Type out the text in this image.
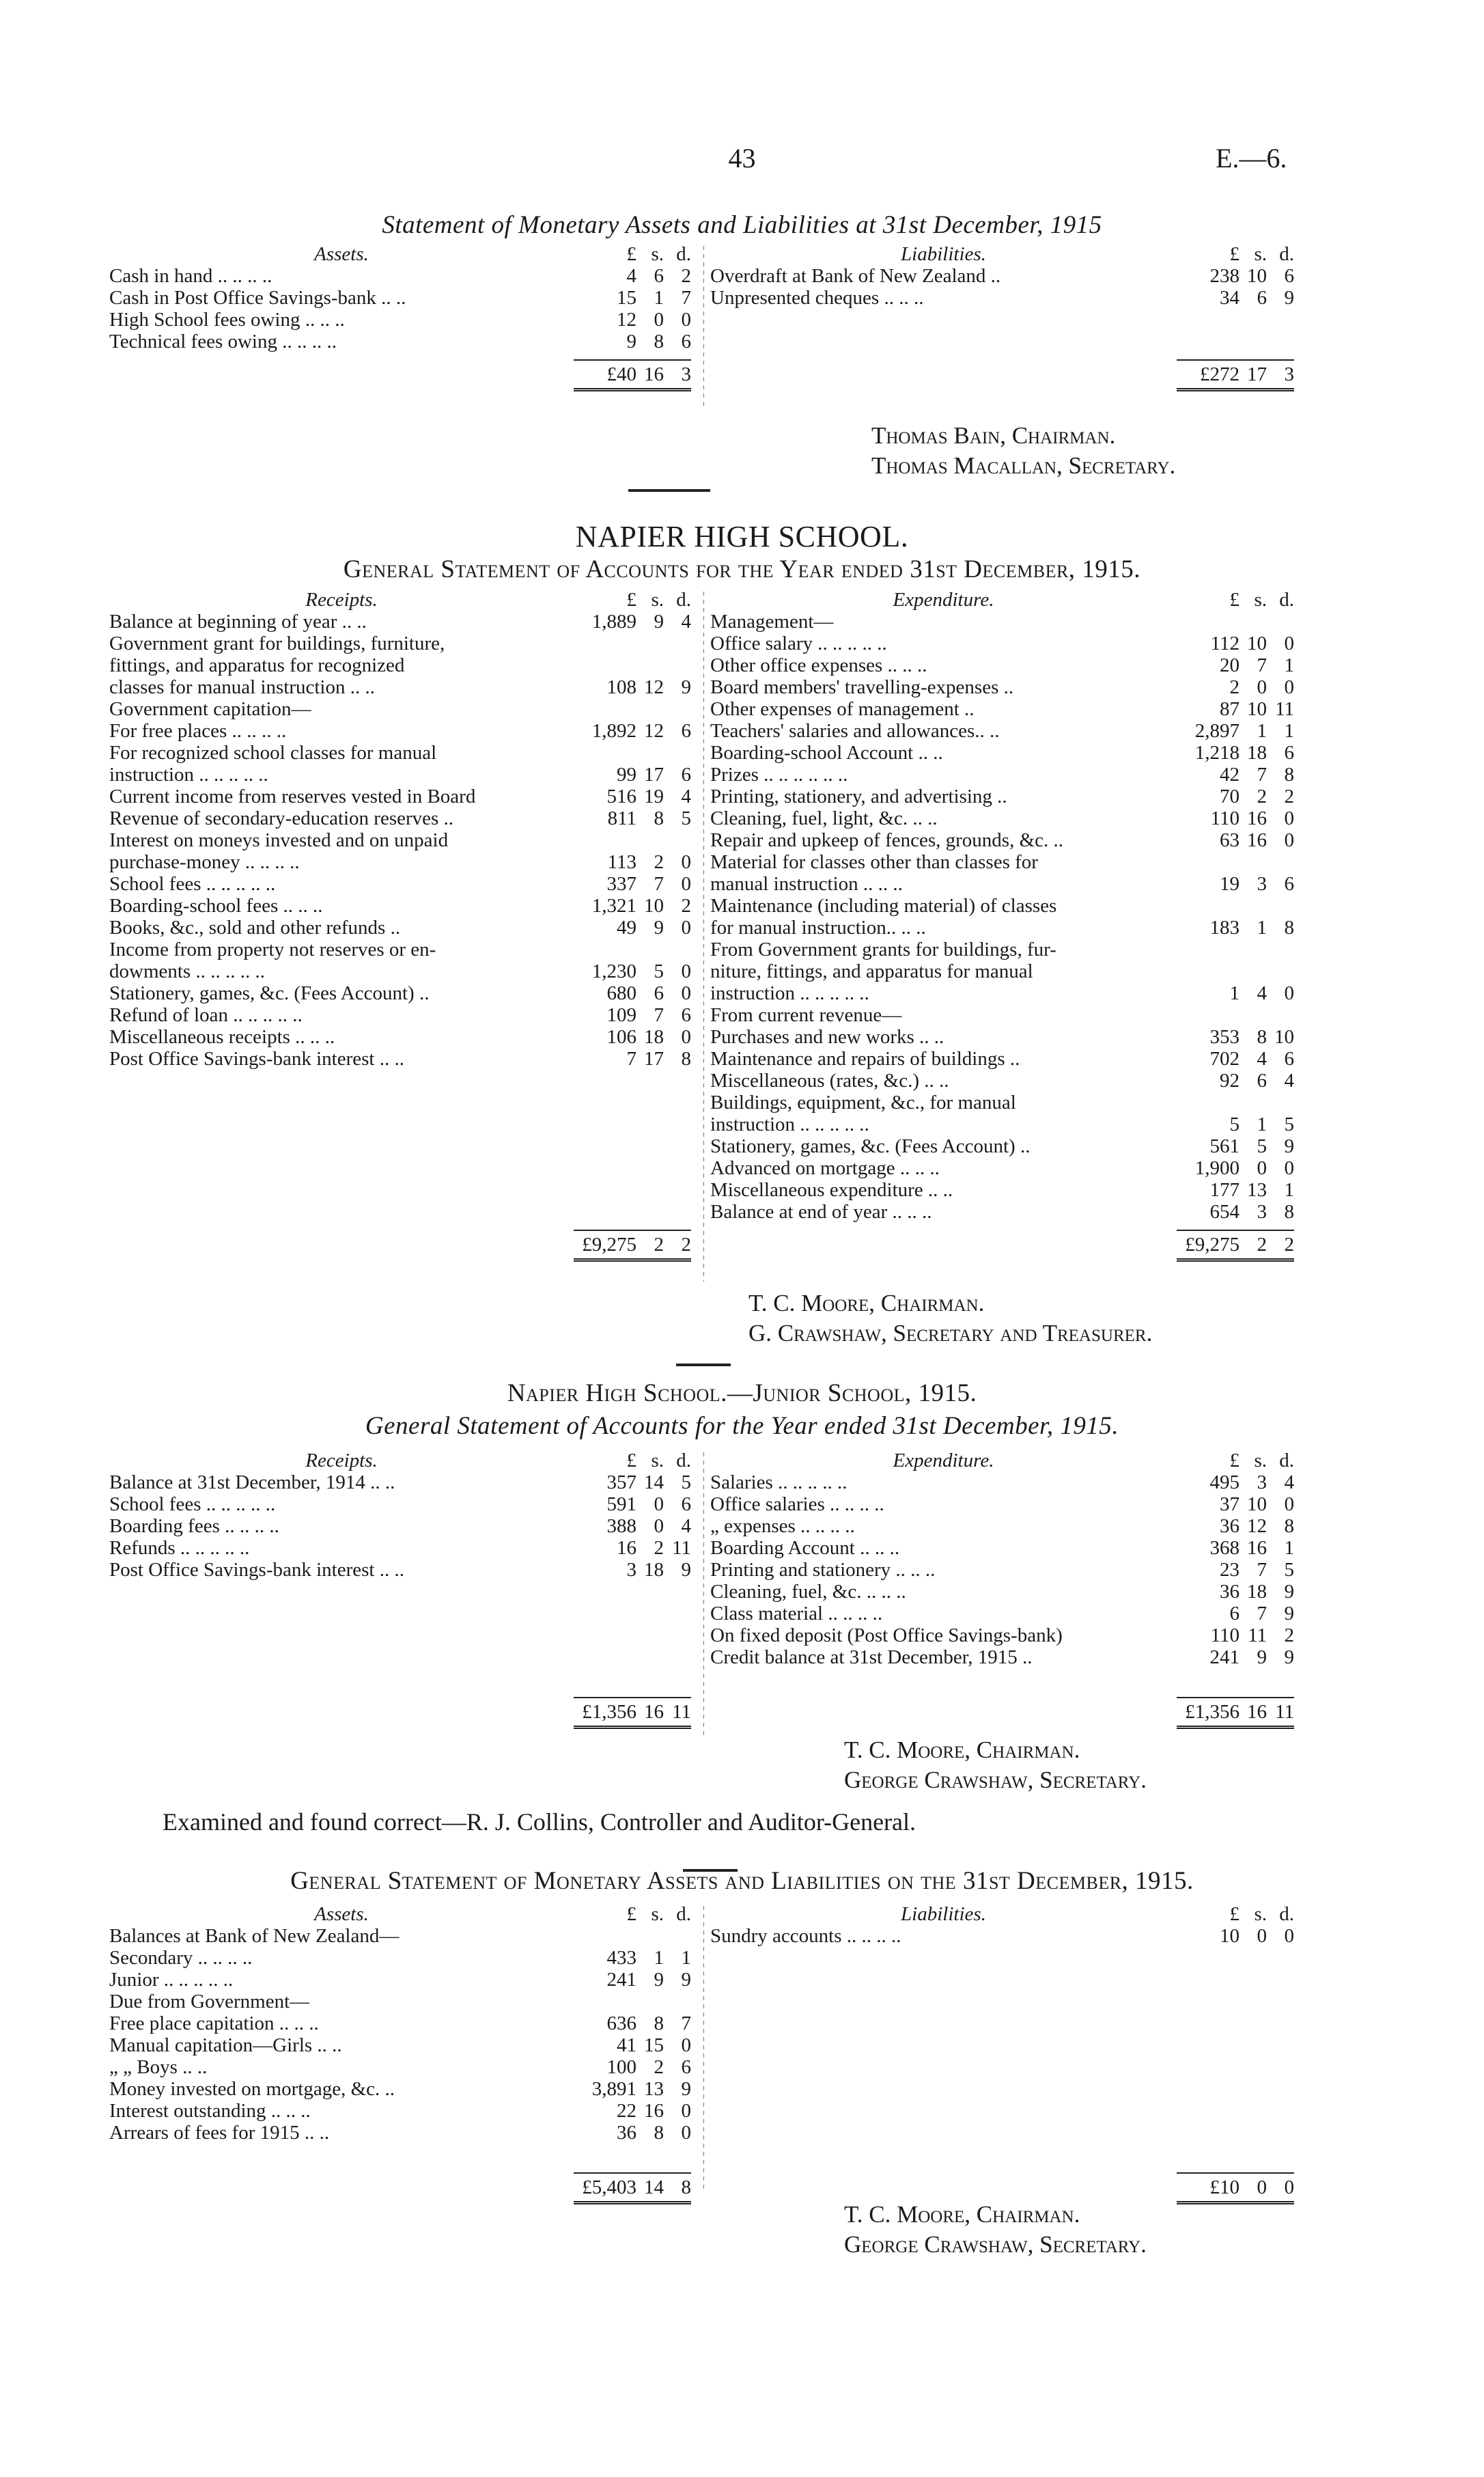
43	E.—6.
Statement of Monetary Assets and Liabilities at 31st December, 1915
Assets.	£ s. d.
Cash in hand .. .. .. ..	4 6 2
Cash in Post Office Savings-bank .. ..	15 1 7
High School fees owing .. .. ..	12 0 0
Technical fees owing .. .. .. ..	9 8 6
£40 16 3
Liabilities.	£ s. d.
Overdraft at Bank of New Zealand ..	238 10 6
Unpresented cheques .. .. ..	34 6 9
£272 17 3
Thomas Bain, Chairman.
Thomas Macallan, Secretary.
NAPIER HIGH SCHOOL.
General Statement of Accounts for the Year ended 31st December, 1915.
Receipts.	£ s. d.
Balance at beginning of year .. ..	1,889 9 4
Government grant for buildings, furniture,
fittings, and apparatus for recognized
classes for manual instruction .. ..	108 12 9
Government capitation—
For free places .. .. .. ..	1,892 12 6
For recognized school classes for manual
instruction .. .. .. .. ..	99 17 6
Current income from reserves vested in Board	516 19 4
Revenue of secondary-education reserves ..	811 8 5
Interest on moneys invested and on unpaid
purchase-money .. .. .. ..	113 2 0
School fees .. .. .. .. ..	337 7 0
Boarding-school fees .. .. ..	1,321 10 2
Books, &c., sold and other refunds ..	49 9 0
Income from property not reserves or en-
dowments .. .. .. .. ..	1,230 5 0
Stationery, games, &c. (Fees Account) ..	680 6 0
Refund of loan .. .. .. .. ..	109 7 6
Miscellaneous receipts .. .. ..	106 18 0
Post Office Savings-bank interest .. ..	7 17 8
£9,275 2 2
Expenditure.	£ s. d.
Management—
Office salary .. .. .. .. ..	112 10 0
Other office expenses .. .. ..	20 7 1
Board members' travelling-expenses ..	2 0 0
Other expenses of management ..	87 10 11
Teachers' salaries and allowances.. ..	2,897 1 1
Boarding-school Account .. ..	1,218 18 6
Prizes .. .. .. .. .. ..	42 7 8
Printing, stationery, and advertising ..	70 2 2
Cleaning, fuel, light, &c. .. ..	110 16 0
Repair and upkeep of fences, grounds, &c. ..	63 16 0
Material for classes other than classes for
manual instruction .. .. ..	19 3 6
Maintenance (including material) of classes
for manual instruction.. .. ..	183 1 8
From Government grants for buildings, fur-
niture, fittings, and apparatus for manual
instruction .. .. .. .. ..	1 4 0
From current revenue—
Purchases and new works .. ..	353 8 10
Maintenance and repairs of buildings ..	702 4 6
Miscellaneous (rates, &c.) .. ..	92 6 4
Buildings, equipment, &c., for manual
instruction .. .. .. .. ..	5 1 5
Stationery, games, &c. (Fees Account) ..	561 5 9
Advanced on mortgage .. .. ..	1,900 0 0
Miscellaneous expenditure .. ..	177 13 1
Balance at end of year .. .. ..	654 3 8
£9,275 2 2
T. C. Moore, Chairman.
G. Crawshaw, Secretary and Treasurer.
Napier High School.—Junior School, 1915.
General Statement of Accounts for the Year ended 31st December, 1915.
Receipts.	£ s. d.
Balance at 31st December, 1914 .. ..	357 14 5
School fees .. .. .. .. ..	591 0 6
Boarding fees .. .. .. ..	388 0 4
Refunds .. .. .. .. ..	16 2 11
Post Office Savings-bank interest .. ..	3 18 9
£1,356 16 11
Expenditure.	£ s. d.
Salaries .. .. .. .. ..	495 3 4
Office salaries .. .. .. ..	37 10 0
„ expenses .. .. .. ..	36 12 8
Boarding Account .. .. ..	368 16 1
Printing and stationery .. .. ..	23 7 5
Cleaning, fuel, &c. .. .. ..	36 18 9
Class material .. .. .. ..	6 7 9
On fixed deposit (Post Office Savings-bank)	110 11 2
Credit balance at 31st December, 1915 ..	241 9 9
£1,356 16 11
T. C. Moore, Chairman.
George Crawshaw, Secretary.
Examined and found correct—R. J. Collins, Controller and Auditor-General.
General Statement of Monetary Assets and Liabilities on the 31st December, 1915.
Assets.	£ s. d.
Balances at Bank of New Zealand—
Secondary .. .. .. ..	433 1 1
Junior .. .. .. .. ..	241 9 9
Due from Government—
Free place capitation .. .. ..	636 8 7
Manual capitation—Girls .. ..	41 15 0
„ „ Boys .. ..	100 2 6
Money invested on mortgage, &c. ..	3,891 13 9
Interest outstanding .. .. ..	22 16 0
Arrears of fees for 1915 .. ..	36 8 0
£5,403 14 8
Liabilities.	£ s. d.
Sundry accounts .. .. .. ..	10 0 0
£10 0 0
T. C. Moore, Chairman.
George Crawshaw, Secretary.
